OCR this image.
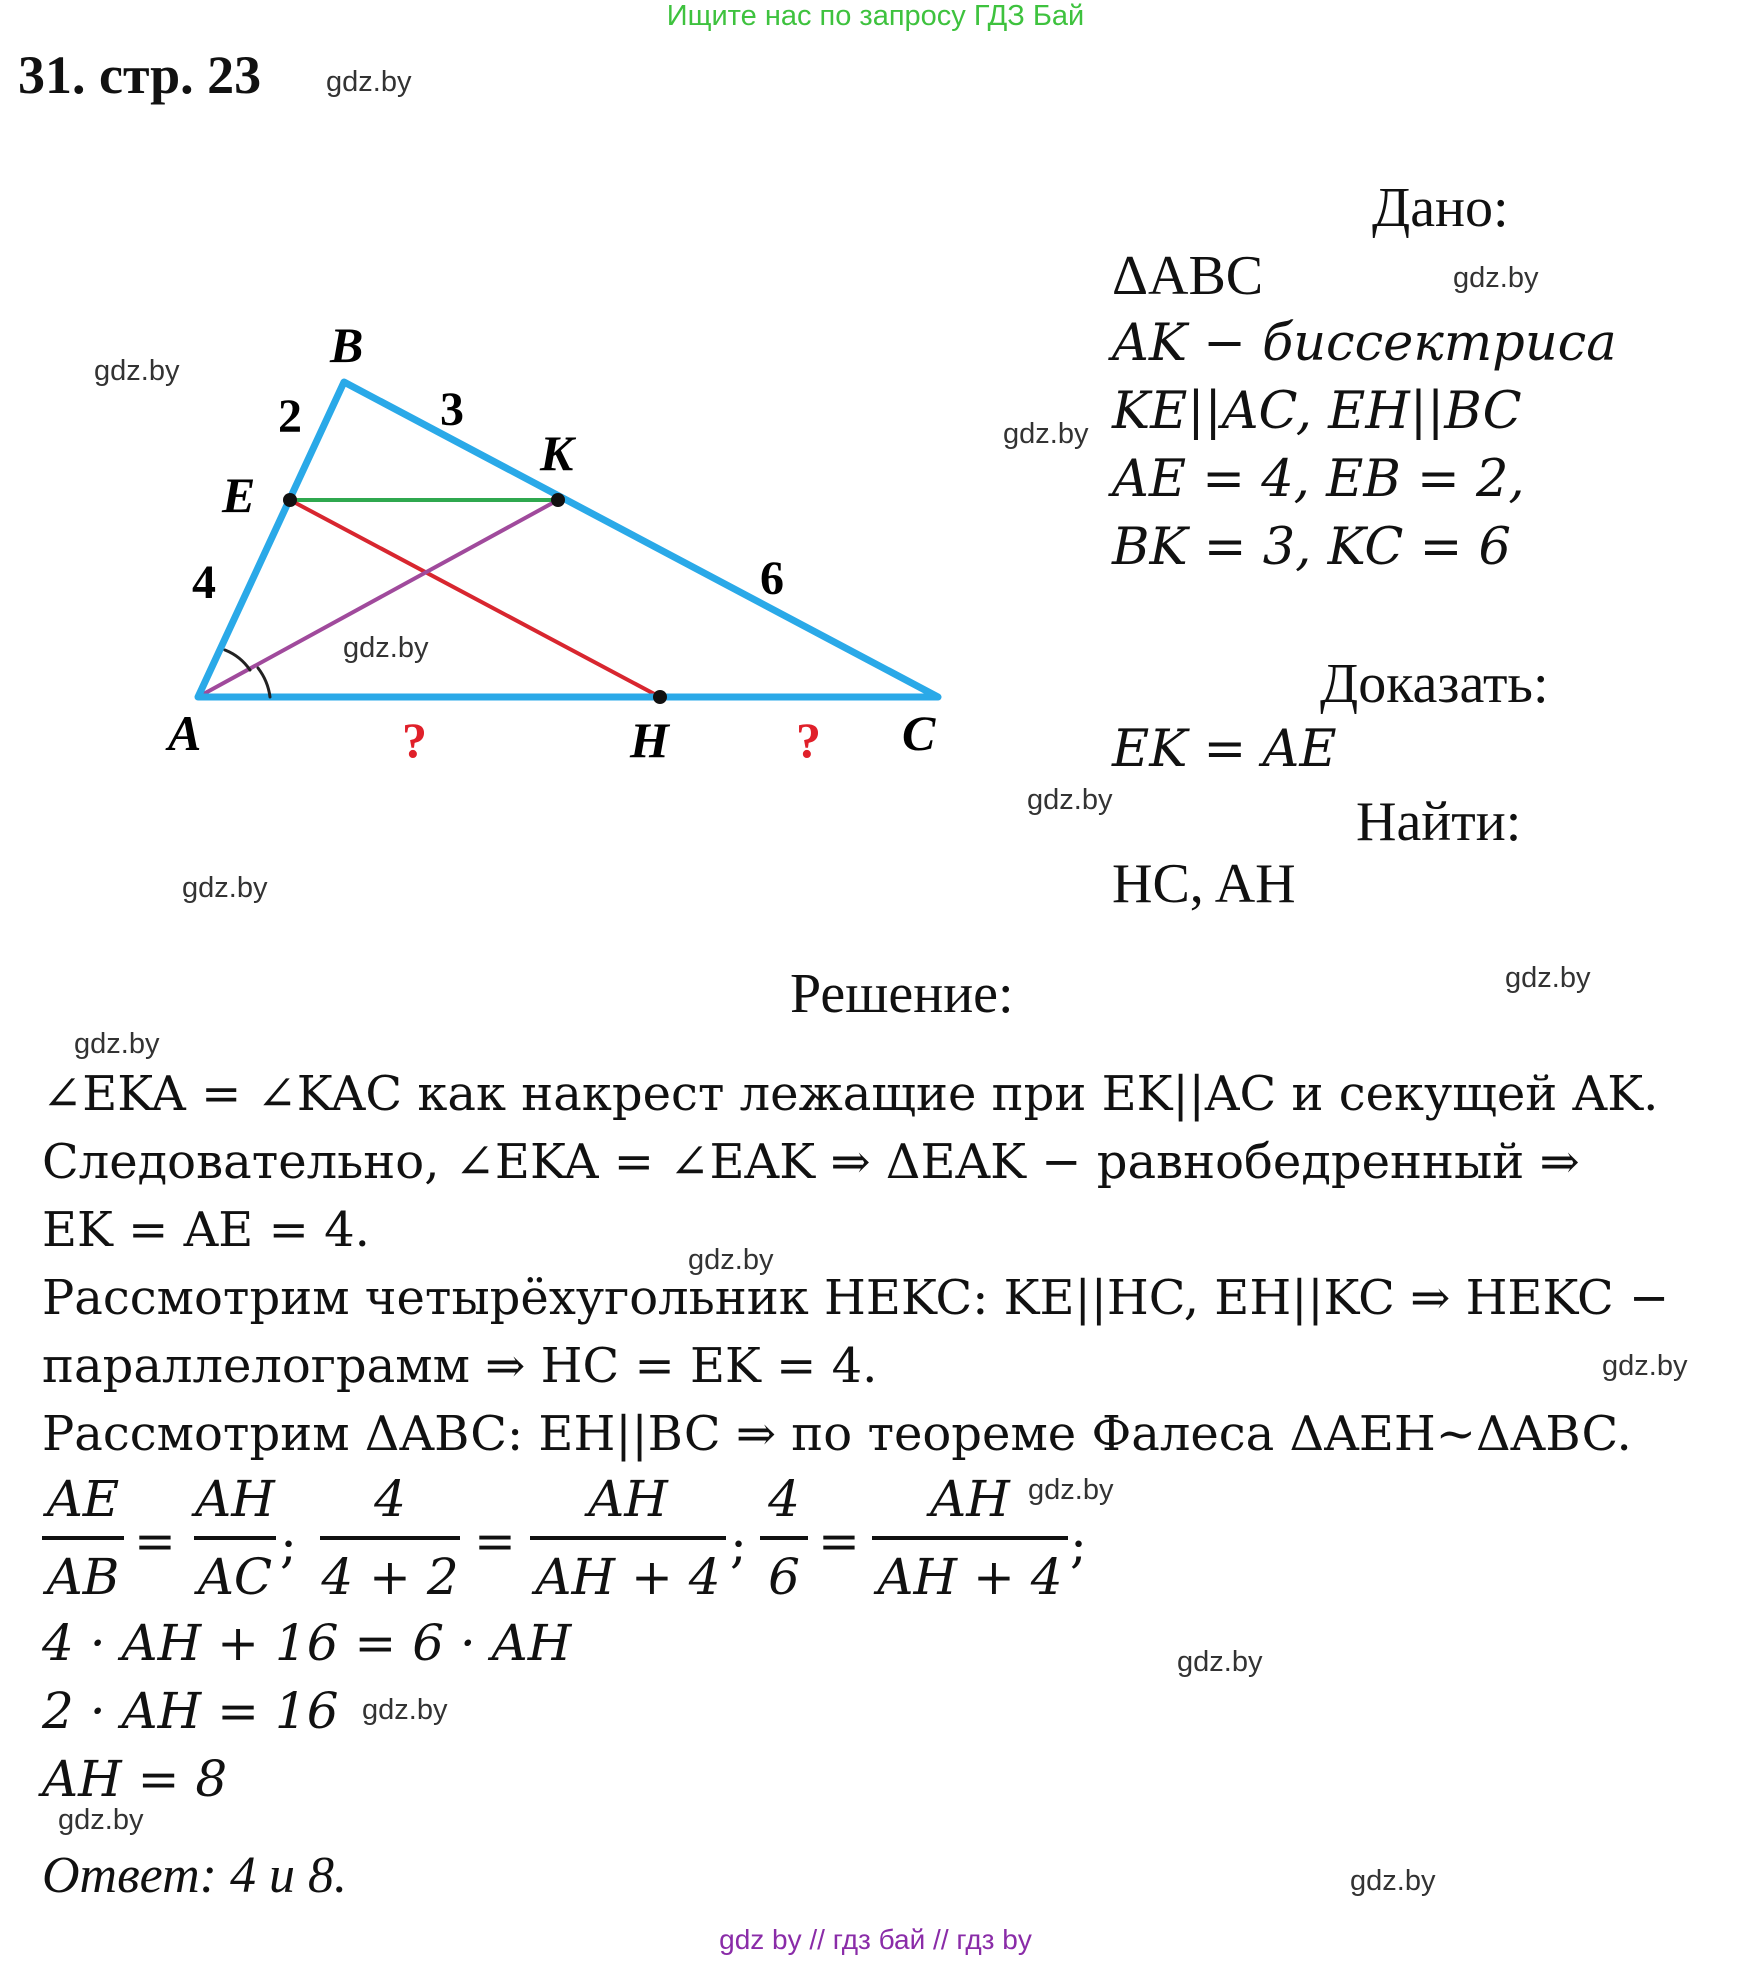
Ищите нас по запросу ГДЗ Бай
31. стр. 23 gdz.by
gdz.by
gdz.by
gdz.by
gdz.by
gdz.by
gdz.by
gdz.by
gdz.by
gdz.by
gdz.by
gdz.by
gdz.by
gdz.by
gdz.by
gdz.by
B
E
K
A	H	C
2	3
4	6
?	?
Дано:
ΔABC
AK − биссектриса
KE||AC, EH||BC
AE = 4, EB = 2,
BK = 3, KC = 6
Доказать:
EK = AE
Найти:
HC, AH
Решение:
∠EKA = ∠KAC как накрест лежащие при EK||AC и секущей AK.
Следовательно, ∠EKA = ∠EAK ⇒ ΔEAK − равнобедренный ⇒
EK = AE = 4.
Рассмотрим четырёхугольник HEKC: KE||HC, EH||KC ⇒ HEKC −
параллелограмм ⇒ HC = EK = 4.
Рассмотрим ΔABC: EH||BC ⇒ по теореме Фалеса ΔAEH~ΔABC.
AE
AB
=
AH
AC
;
4
4 + 2
=
AH
AH + 4
;
4
6
=
AH
AH + 4
;
4 · AH + 16 = 6 · AH
2 · AH = 16
AH = 8
Ответ: 4 и 8.
gdz by // гдз бай // гдз by
